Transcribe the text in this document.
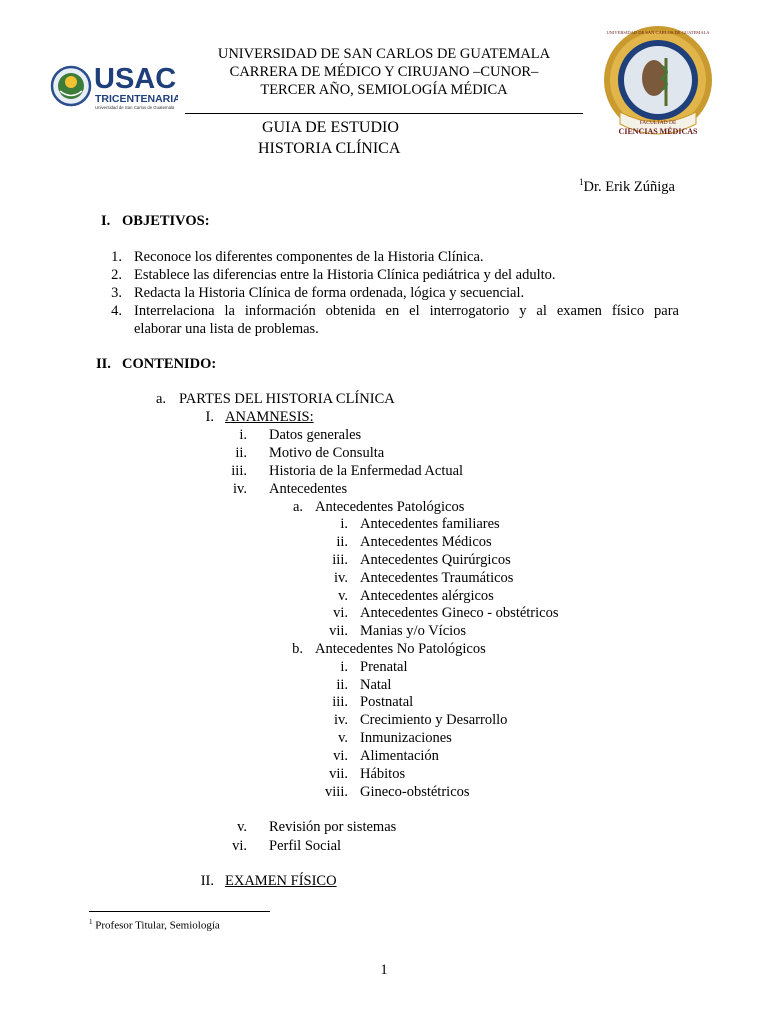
USAC
TRICENTENARIA
Universidad de San Carlos de Guatemala
UNIVERSIDAD DE SAN CARLOS DE GUATEMALA
FACULTAD DE
CIENCIAS MÉDICAS
UNIVERSIDAD DE SAN CARLOS DE GUATEMALA
CARRERA DE MÉDICO Y CIRUJANO –CUNOR–
TERCER AÑO, SEMIOLOGÍA MÉDICA
GUIA DE ESTUDIO
HISTORIA CLÍNICA
$^1$Dr. Erik Zúñiga
I. OBJETIVOS:
1. Reconoce los diferentes componentes de la Historia Clínica.
2. Establece las diferencias entre la Historia Clínica pediátrica y del adulto.
3. Redacta la Historia Clínica de forma ordenada, lógica y secuencial.
4. Interrelaciona la información obtenida en el interrogatorio y al examen físico para
elaborar una lista de problemas.
II. CONTENIDO:
a. PARTES DEL HISTORIA CLÍNICA
I. ANAMNESIS:
i. Datos generales
ii. Motivo de Consulta
iii. Historia de la Enfermedad Actual
iv. Antecedentes
a. Antecedentes Patológicos
i. Antecedentes familiares
ii. Antecedentes Médicos
iii. Antecedentes Quirúrgicos
iv. Antecedentes Traumáticos
v. Antecedentes alérgicos
vi. Antecedentes Gineco - obstétricos
vii. Manias y/o Vícios
b. Antecedentes No Patológicos
i. Prenatal
ii. Natal
iii. Postnatal
iv. Crecimiento y Desarrollo
v. Inmunizaciones
vi. Alimentación
vii. Hábitos
viii. Gineco-obstétricos
v. Revisión por sistemas
vi. Perfil Social
II. EXAMEN FÍSICO
$^1$ Profesor Titular, Semiología
1
